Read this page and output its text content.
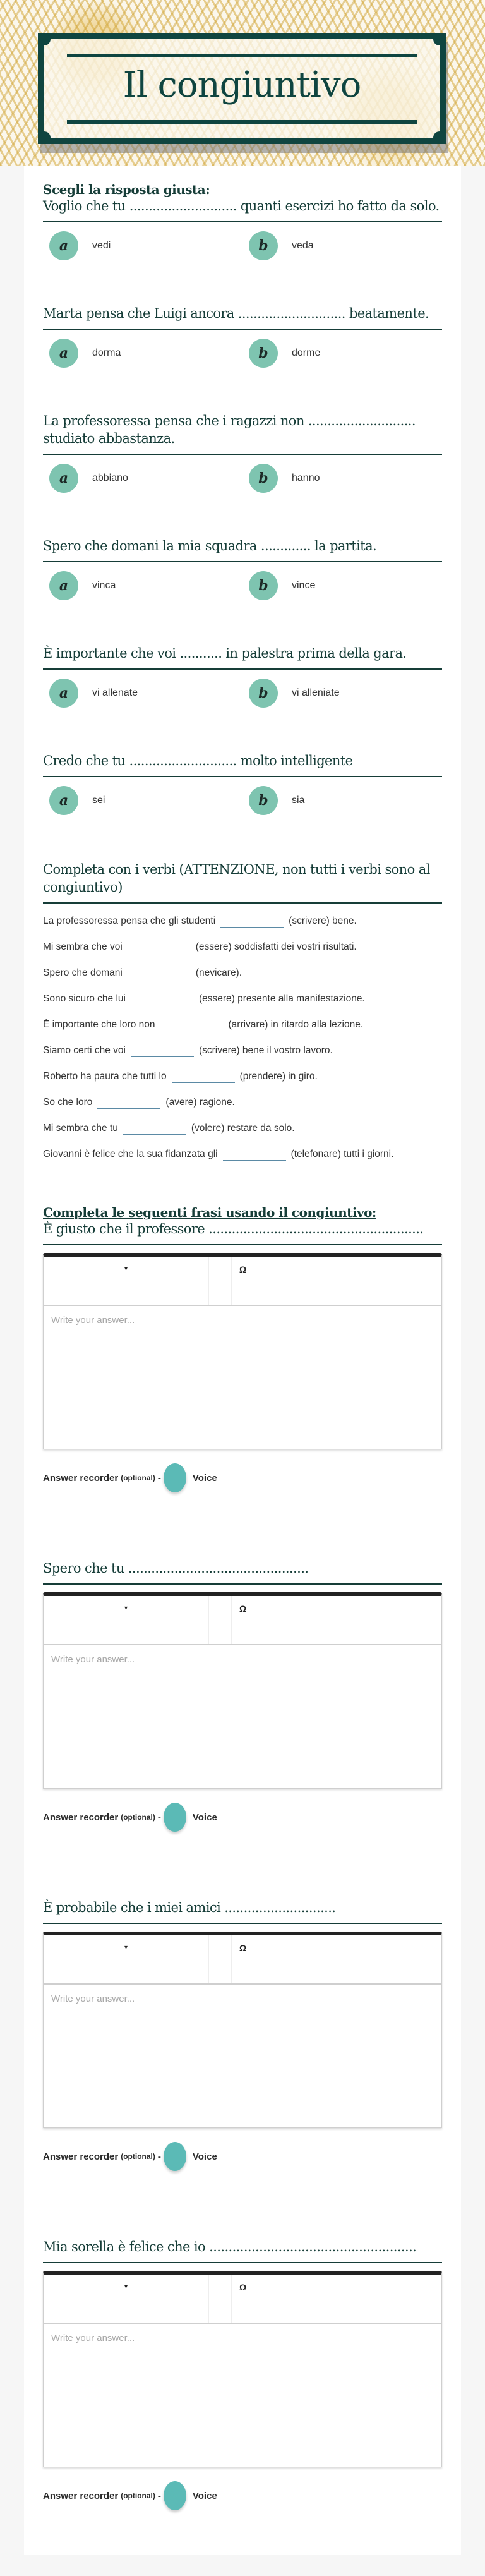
Il congiuntivo
Scegli la risposta giusta:
Voglio che tu ............................ quanti esercizi ho fatto da solo.
a	vedi	b	veda
Marta pensa che Luigi ancora ............................ beatamente.
a	dorma	b	dorme
La professoressa pensa che i ragazzi non ............................ studiato abbastanza.
a	abbiano	b	hanno
Spero che domani la mia squadra ............. la partita.
a	vinca	b	vince
È importante che voi ........... in palestra prima della gara.
a	vi allenate	b	vi alleniate
Credo che tu ............................ molto intelligente
a	sei	b	sia
Completa con i verbi (ATTENZIONE, non tutti i verbi sono al congiuntivo)
La professoressa pensa che gli studenti	(scrivere) bene.
Mi sembra che voi	(essere) soddisfatti dei vostri risultati.
Spero che domani	(nevicare).
Sono sicuro che lui	(essere) presente alla manifestazione.
È importante che loro non	(arrivare) in ritardo alla lezione.
Siamo certi che voi	(scrivere) bene il vostro lavoro.
Roberto ha paura che tutti lo	(prendere) in giro.
So che loro	(avere) ragione.
Mi sembra che tu	(volere) restare da solo.
Giovanni è felice che la sua fidanzata gli	(telefonare) tutti i giorni.
Completa le seguenti frasi usando il congiuntivo:
È giusto che il professore ........................................................
▾	Ω
Write your answer...
Answer recorder (optional) -	Voice
Spero che tu ...............................................
▾	Ω
Write your answer...
Answer recorder (optional) -	Voice
È probabile che i miei amici .............................
▾	Ω
Write your answer...
Answer recorder (optional) -	Voice
Mia sorella è felice che io ......................................................
▾	Ω
Write your answer...
Answer recorder (optional) -	Voice
